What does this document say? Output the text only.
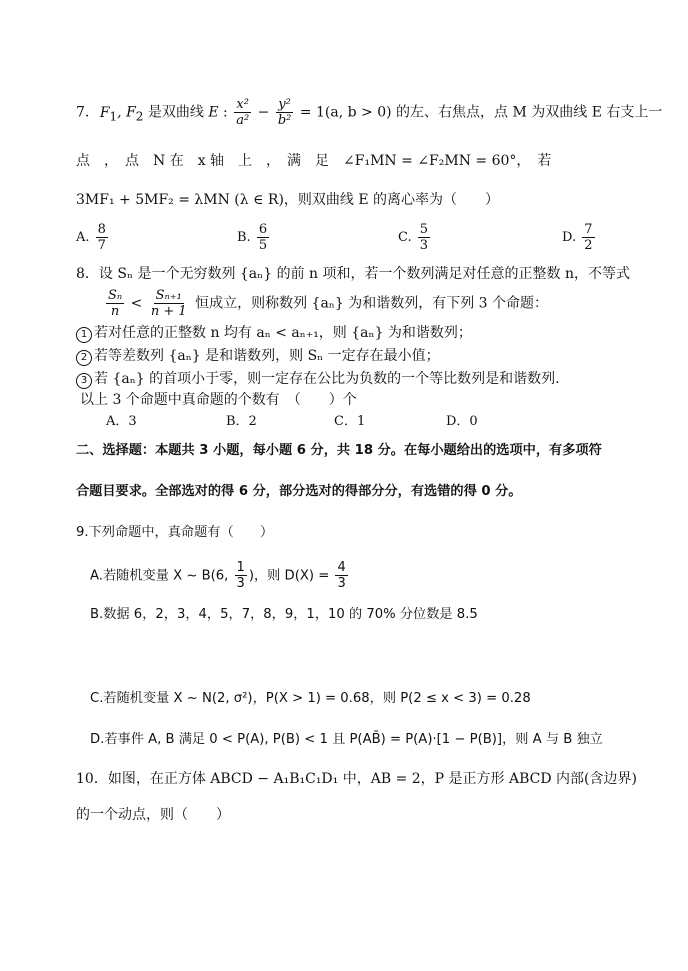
7. $F_1$, $F_2$ 是双曲线 E : $\frac{\text{x²}}{\text{a²}} - \frac{\text{y²}}{\text{b²}} = 1(a$, b > 0) 的左、右焦点，点 M 为双曲线 E 右支上一
点　，　点　N 在　x 轴　上　，　满　足　∠F₁MN = ∠F₂MN = 60°，　若
3MF₁ + 5MF₂ = λMN (λ ∈ R)，则双曲线 E 的离心率为（　　）
A. $\frac{8}{7}$	B. $\frac{6}{5}$	C. $\frac{5}{3}$	D. $\frac{7}{2}$
8．设 Sₙ 是一个无穷数列 {aₙ} 的前 n 项和，若一个数列满足对任意的正整数 n，不等式
$\frac{\text{Sₙ}}{n} < \frac{\text{Sₙ₊₁}}{n + 1}$ 恒成立，则称数列 {aₙ} 为和谐数列，有下列 3 个命题：
1 若对任意的正整数 n 均有 aₙ < aₙ₊₁，则 {aₙ} 为和谐数列；
2 若等差数列 {aₙ} 是和谐数列，则 Sₙ 一定存在最小值；
3 若 {aₙ} 的首项小于零，则一定存在公比为负数的一个等比数列是和谐数列.
以上 3 个命题中真命题的个数有　（　　）个
A．3	B．2	C．1	D．0
二、选择题：本题共 3 小题，每小题 6 分，共 18 分。在每小题给出的选项中，有多项符
合题目要求。全部选对的得 6 分，部分选对的得部分分，有选错的得 0 分。
9.下列命题中，真命题有（　　）
A.若随机变量 X ~ B(6, $\frac{1}{3}$ )，则 $D(X) = \frac{4}{3}$
B.数据 6，2，3，4，5，7，8，9，1，10 的 70% 分位数是 8.5
C.若随机变量 X ~ N(2, σ²)，P(X > 1) = 0.68，则 P(2 ≤ x < 3) = 0.28
D.若事件 A, B 满足 0 < P(A), P(B) < 1 且 P(AB̄) = P(A)·[1 − P(B)]，则 A 与 B 独立
10．如图，在正方体 ABCD − A₁B₁C₁D₁ 中，AB = 2，P 是正方形 ABCD 内部(含边界)
的一个动点，则（　　）
